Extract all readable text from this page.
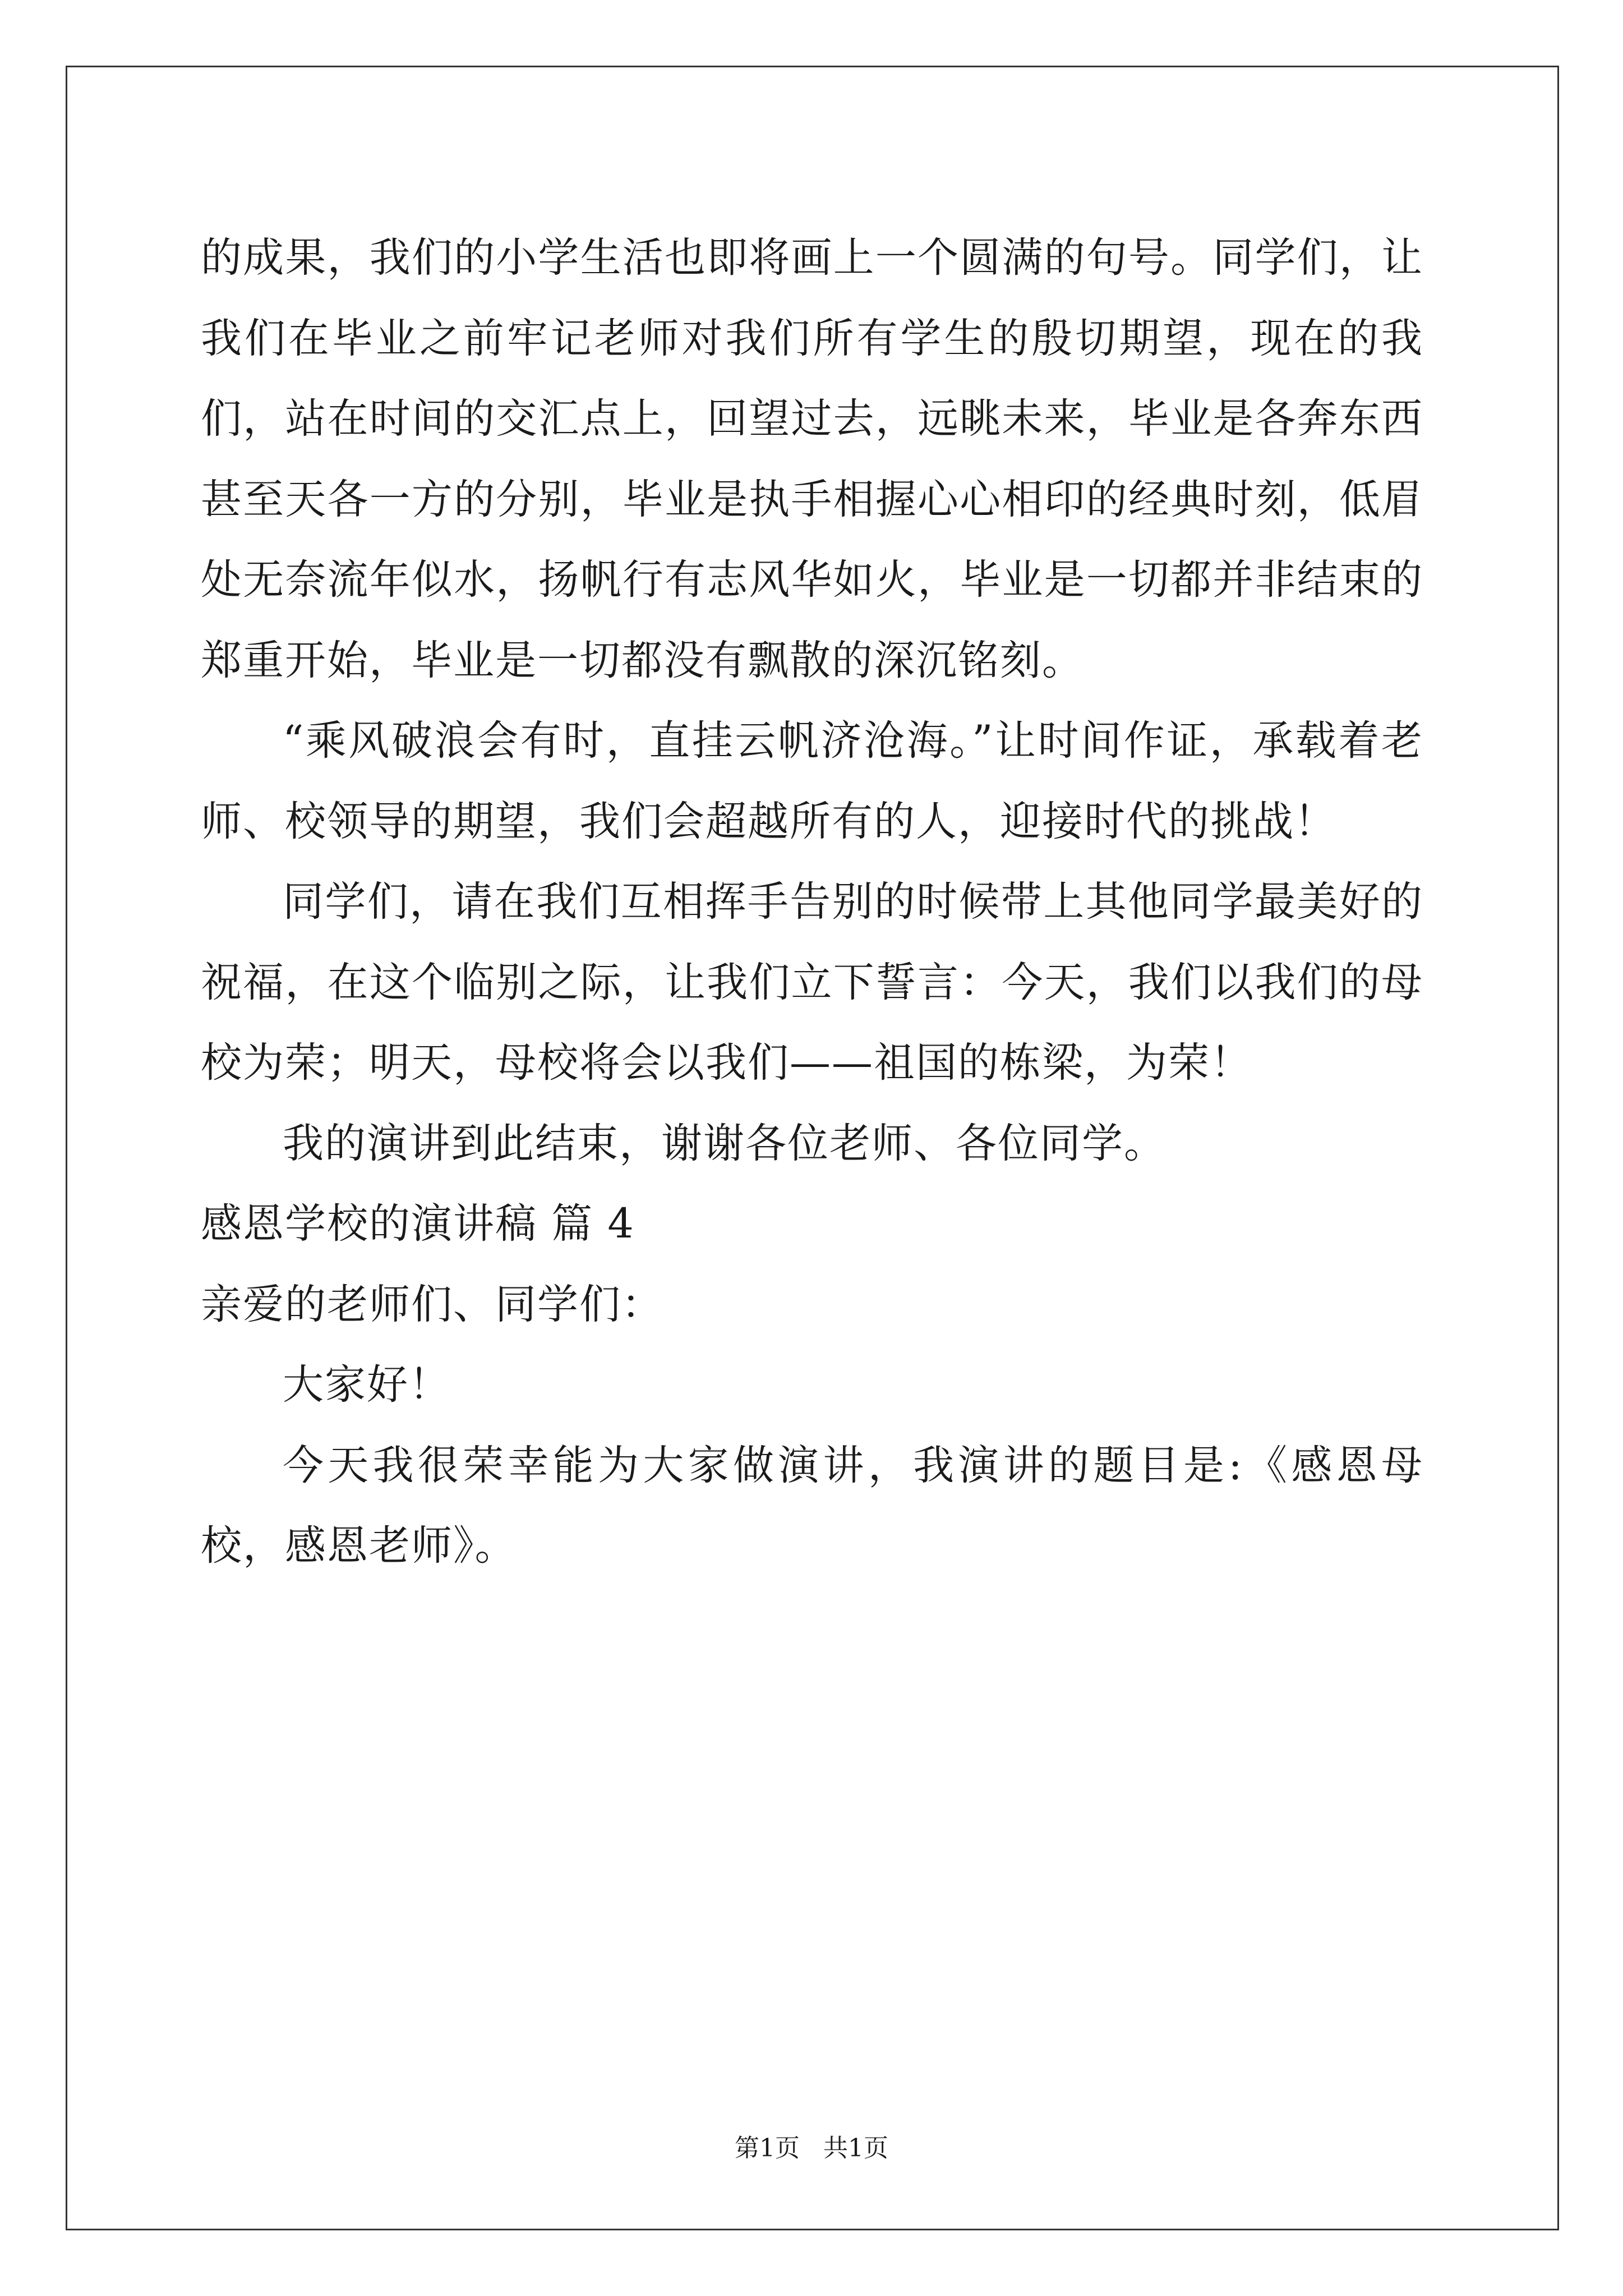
的成果，我们的小学生活也即将画上一个圆满的句号。同学们，让我们在毕业之前牢记老师对我们所有学生的殷切期望，现在的我们，站在时间的交汇点上，回望过去，远眺未来，毕业是各奔东西甚至天各一方的分别，毕业是执手相握心心相印的经典时刻，低眉处无奈流年似水，扬帆行有志风华如火，毕业是一切都并非结束的郑重开始，毕业是一切都没有飘散的深沉铭刻。

“乘风破浪会有时，直挂云帆济沧海。”让时间作证，承载着老师、校领导的期望，我们会超越所有的人，迎接时代的挑战！

同学们，请在我们互相挥手告别的时候带上其他同学最美好的祝福，在这个临别之际，让我们立下誓言：今天，我们以我们的母校为荣；明天，母校将会以我们——祖国的栋梁，为荣！

我的演讲到此结束，谢谢各位老师、各位同学。

感恩学校的演讲稿 篇 4

亲爱的老师们、同学们：

大家好！

今天我很荣幸能为大家做演讲，我演讲的题目是:《感恩母校，感恩老师》。

第1页   共1页
